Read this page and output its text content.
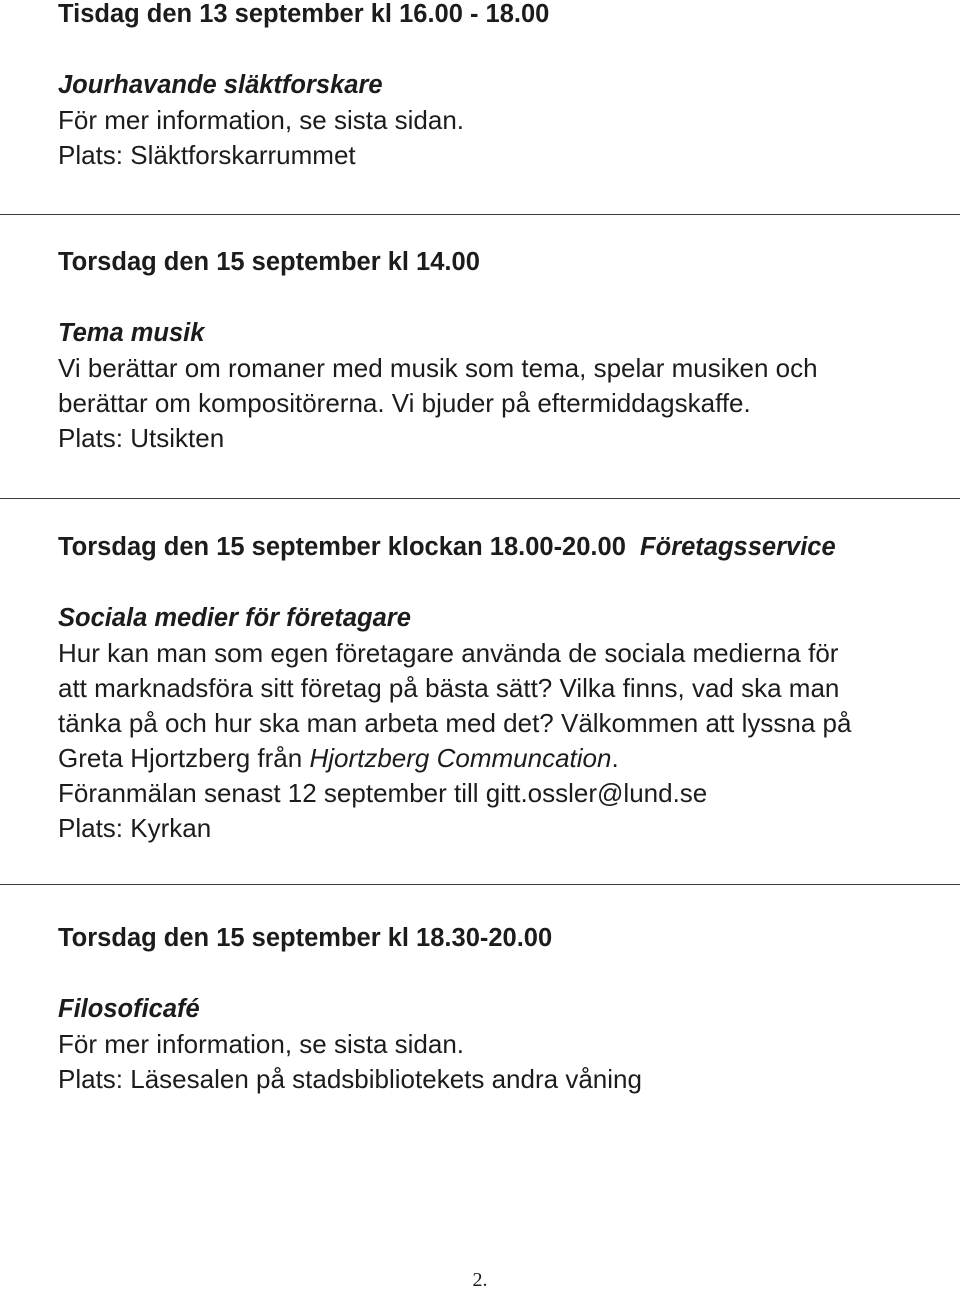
Tisdag den 13 september kl 16.00 - 18.00
Jourhavande släktforskare
För mer information, se sista sidan.
Plats: Släktforskarrummet
Torsdag den 15 september kl 14.00
Tema musik
Vi berättar om romaner med musik som tema, spelar musiken och
berättar om kompositörerna. Vi bjuder på eftermiddagskaffe.
Plats: Utsikten
Torsdag den 15 september klockan 18.00-20.00 Företagsservice
Sociala medier för företagare
Hur kan man som egen företagare använda de sociala medierna för
att marknadsföra sitt företag på bästa sätt? Vilka finns, vad ska man
tänka på och hur ska man arbeta med det? Välkommen att lyssna på
Greta Hjortzberg från Hjortzberg Communcation.
Föranmälan senast 12 september till gitt.ossler@lund.se
Plats: Kyrkan
Torsdag den 15 september kl 18.30-20.00
Filosoficafé
För mer information, se sista sidan.
Plats: Läsesalen på stadsbibliotekets andra våning
2.
